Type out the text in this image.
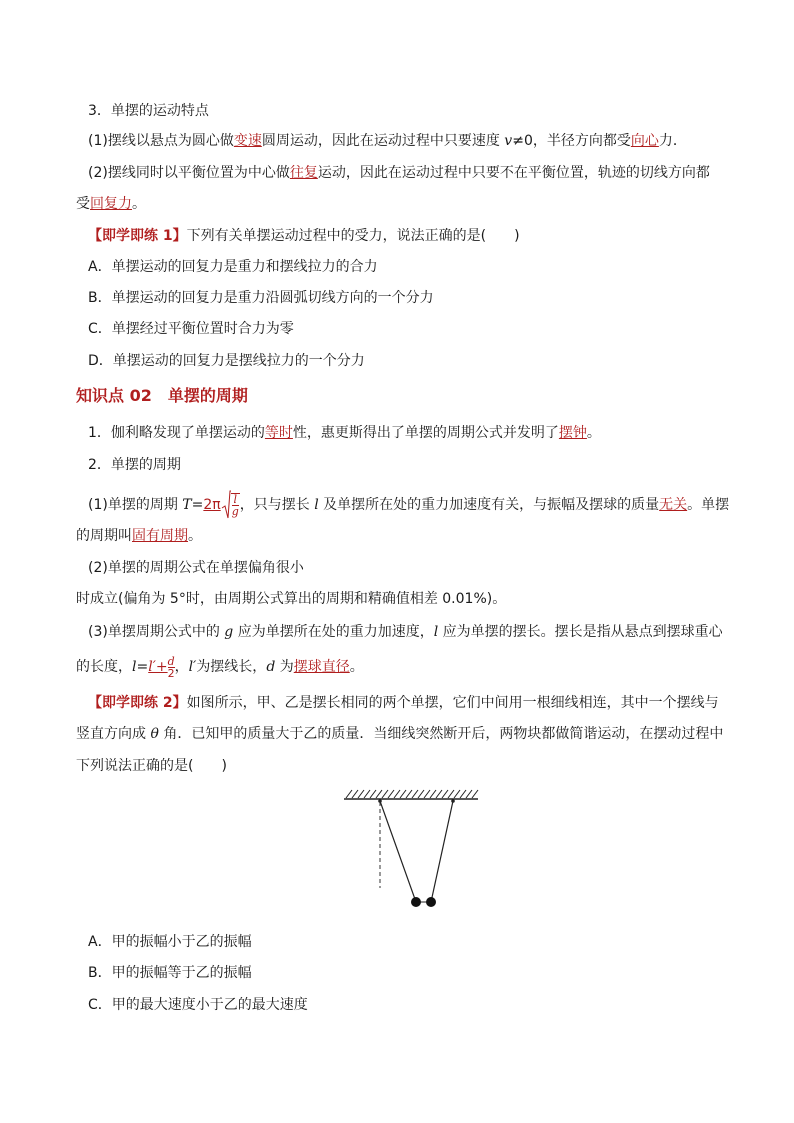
3．单摆的运动特点
(1)摆线以悬点为圆心做变速圆周运动，因此在运动过程中只要速度 v≠0，半径方向都受向心力．
(2)摆线同时以平衡位置为中心做往复运动，因此在运动过程中只要不在平衡位置，轨迹的切线方向都
受回复力。
【即学即练 1】下列有关单摆运动过程中的受力，说法正确的是(　　)
A．单摆运动的回复力是重力和摆线拉力的合力
B．单摆运动的回复力是重力沿圆弧切线方向的一个分力
C．单摆经过平衡位置时合力为零
D．单摆运动的回复力是摆线拉力的一个分力
知识点 02　单摆的周期
1．伽利略发现了单摆运动的等时性，惠更斯得出了单摆的周期公式并发明了摆钟。
2．单摆的周期
(1)单摆的周期 $T=2\pi \frac{l}{g}$ ，只与摆长 l 及单摆所在处的重力加速度有关，与振幅及摆球的质量无关。单摆
的周期叫固有周期。
(2)单摆的周期公式在单摆偏角很小
时成立(偏角为 5°时，由周期公式算出的周期和精确值相差 0.01%)。
(3)单摆周期公式中的 g 应为单摆所在处的重力加速度，l 应为单摆的摆长。摆长是指从悬点到摆球重心
的长度，$l=l'+ \frac{d}{2}$ ，l′为摆线长，d 为摆球直径。
【即学即练 2】如图所示，甲、乙是摆长相同的两个单摆，它们中间用一根细线相连，其中一个摆线与
竖直方向成 θ 角．已知甲的质量大于乙的质量．当细线突然断开后，两物块都做简谐运动，在摆动过程中
下列说法正确的是(　　)
A．甲的振幅小于乙的振幅
B．甲的振幅等于乙的振幅
C．甲的最大速度小于乙的最大速度
